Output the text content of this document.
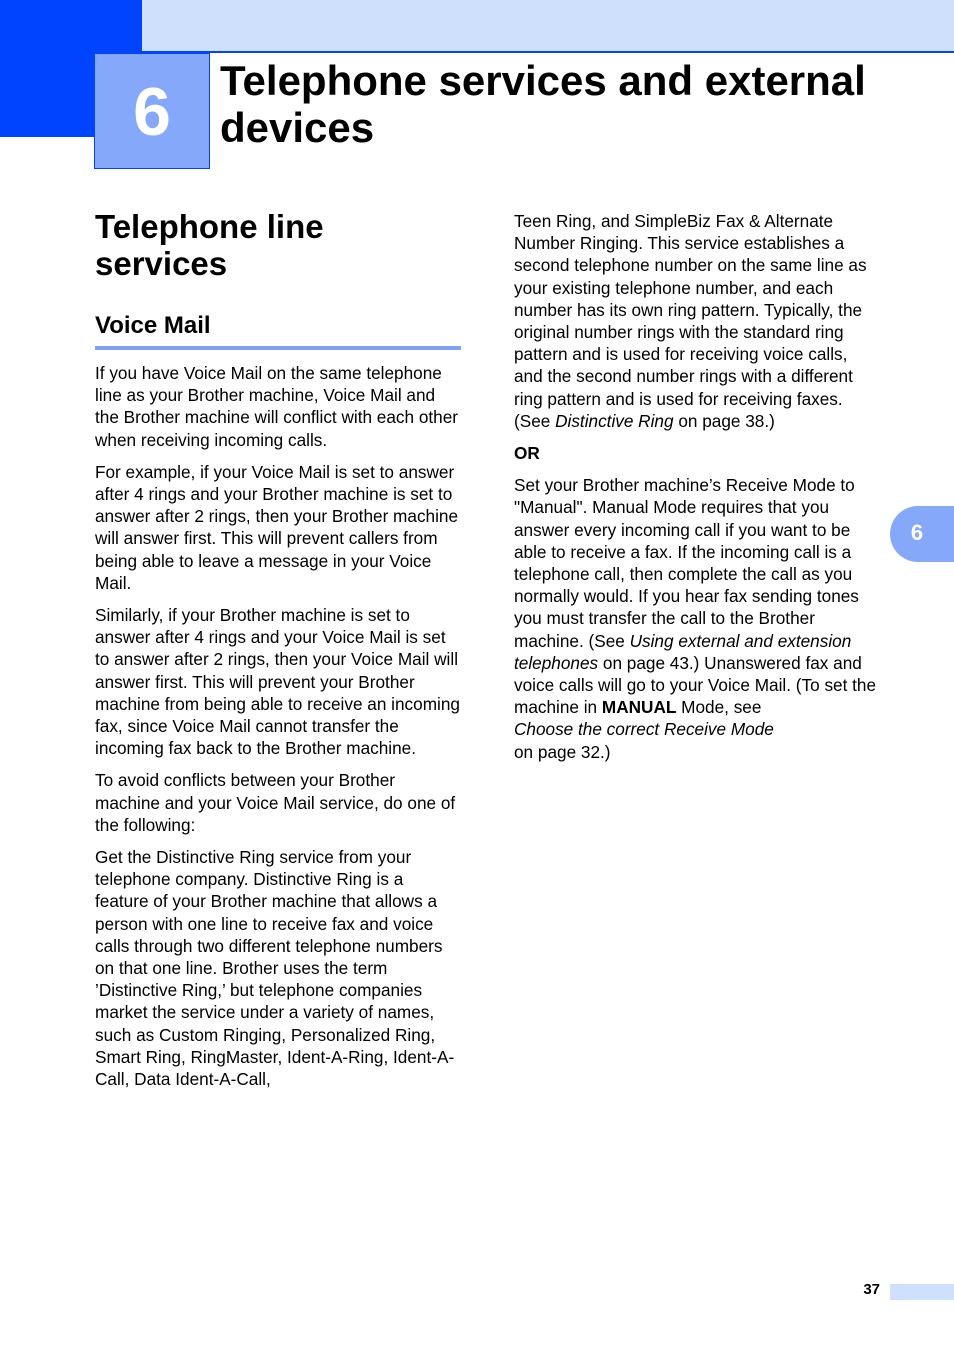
6	Telephone services and external devices
Telephone line services
Voice Mail

If you have Voice Mail on the same telephone line as your Brother machine, Voice Mail and the Brother machine will conflict with each other when receiving incoming calls.

For example, if your Voice Mail is set to answer after 4 rings and your Brother machine is set to answer after 2 rings, then your Brother machine will answer first. This will prevent callers from being able to leave a message in your Voice Mail.

Similarly, if your Brother machine is set to answer after 4 rings and your Voice Mail is set to answer after 2 rings, then your Voice Mail will answer first. This will prevent your Brother machine from being able to receive an incoming fax, since Voice Mail cannot transfer the incoming fax back to the Brother machine.

To avoid conflicts between your Brother machine and your Voice Mail service, do one of the following:

Get the Distinctive Ring service from your telephone company. Distinctive Ring is a feature of your Brother machine that allows a person with one line to receive fax and voice calls through two different telephone numbers on that one line. Brother uses the term ’Distinctive Ring,’ but telephone companies market the service under a variety of names, such as Custom Ringing, Personalized Ring, Smart Ring, RingMaster, Ident-A-Ring, Ident-A-Call, Data Ident-A-Call,

Teen Ring, and SimpleBiz Fax & Alternate Number Ringing. This service establishes a second telephone number on the same line as your existing telephone number, and each number has its own ring pattern. Typically, the original number rings with the standard ring pattern and is used for receiving voice calls, and the second number rings with a different ring pattern and is used for receiving faxes. (See Distinctive Ring on page 38.)

OR

Set your Brother machine’s Receive Mode to "Manual". Manual Mode requires that you answer every incoming call if you want to be able to receive a fax. If the incoming call is a telephone call, then complete the call as you normally would. If you hear fax sending tones you must transfer the call to the Brother machine. (See Using external and extension telephones on page 43.) Unanswered fax and voice calls will go to your Voice Mail. (To set the machine in MANUAL Mode, see
Choose the correct Receive Mode
on page 32.)

6
37
